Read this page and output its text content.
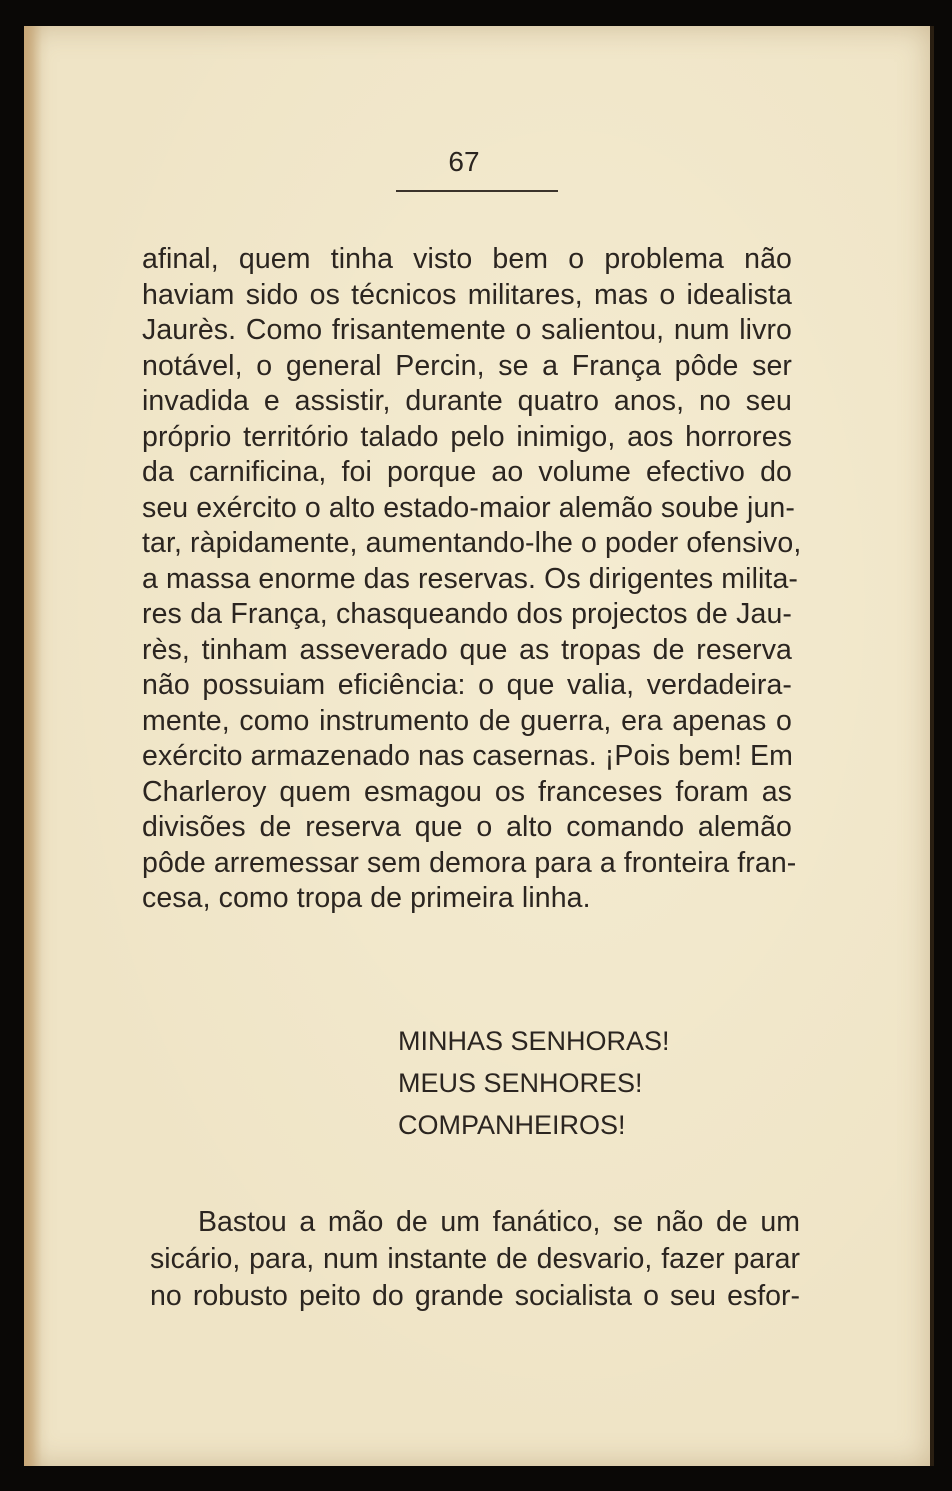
67
afinal, quem tinha visto bem o problema não
haviam sido os técnicos militares, mas o idealista
Jaurès. Como frisantemente o salientou, num livro
notável, o general Percin, se a França pôde ser
invadida e assistir, durante quatro anos, no seu
próprio território talado pelo inimigo, aos horrores
da carnificina, foi porque ao volume efectivo do
seu exército o alto estado-maior alemão soube jun-
tar, ràpidamente, aumentando-lhe o poder ofensivo,
a massa enorme das reservas. Os dirigentes milita-
res da França, chasqueando dos projectos de Jau-
rès, tinham asseverado que as tropas de reserva
não possuiam eficiência: o que valia, verdadeira-
mente, como instrumento de guerra, era apenas o
exército armazenado nas casernas. ¡Pois bem! Em
Charleroy quem esmagou os franceses foram as
divisões de reserva que o alto comando alemão
pôde arremessar sem demora para a fronteira fran-
cesa, como tropa de primeira linha.
MINHAS SENHORAS!
MEUS SENHORES!
COMPANHEIROS!
Bastou a mão de um fanático, se não de um
sicário, para, num instante de desvario, fazer parar
no robusto peito do grande socialista o seu esfor-
